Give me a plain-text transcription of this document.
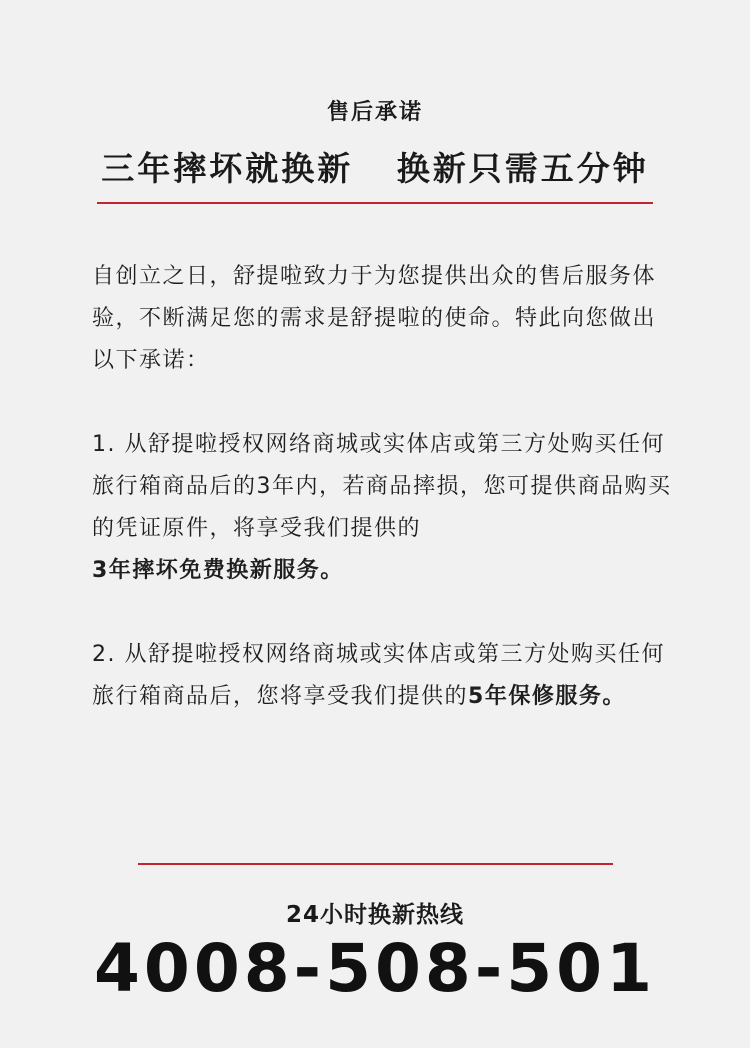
售后承诺
三年摔坏就换新   换新只需五分钟
自创立之日，舒提啦致力于为您提供出众的售后服务体验，不断满足您的需求是舒提啦的使命。特此向您做出以下承诺：
1. 从舒提啦授权网络商城或实体店或第三方处购买任何旅行箱商品后的3年内，若商品摔损，您可提供商品购买的凭证原件，将享受我们提供的
3年摔坏免费换新服务。
2. 从舒提啦授权网络商城或实体店或第三方处购买任何旅行箱商品后，您将享受我们提供的5年保修服务。
24小时换新热线
4008-508-501
